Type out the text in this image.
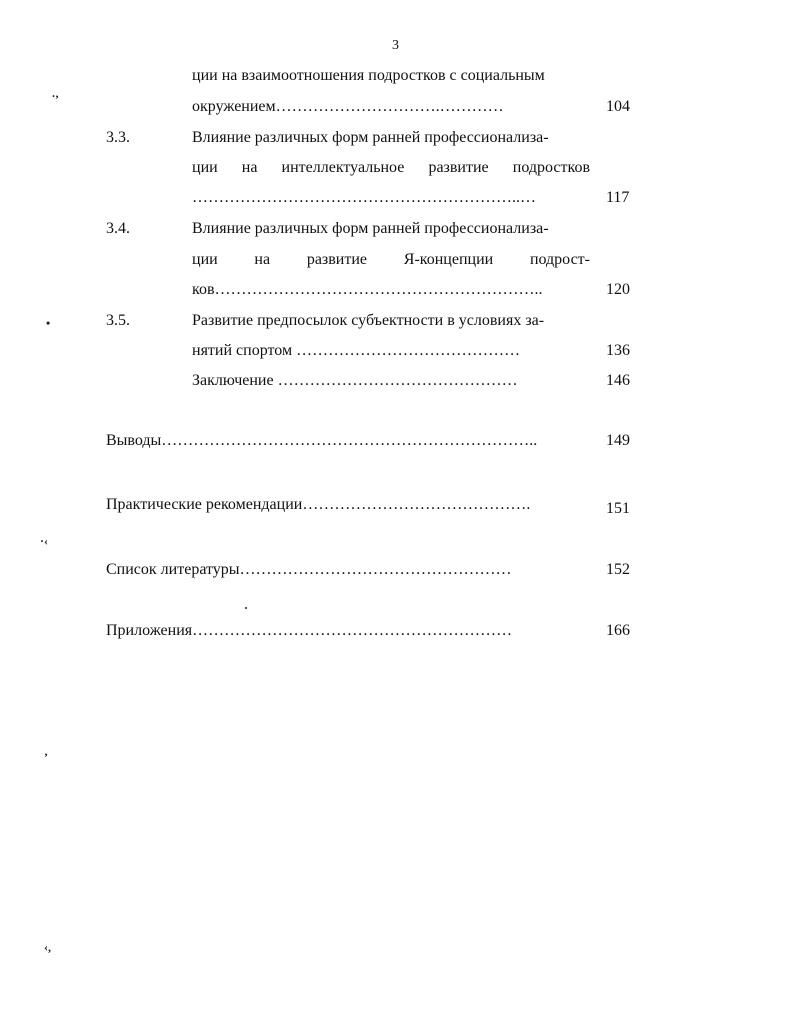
3
ции на взаимоотношения подростков с социальным
окружением………………………….…………	104
3.3.	Влияние различных форм ранней профессионализа-
ции на интеллектуальное развитие подростков
……………………………………………………..…	117
3.4.	Влияние различных форм ранней профессионализа-
ции на развитие Я-концепции подрост-
ков……………………………………………………..	120
3.5.	Развитие предпосылок субъектности в условиях за-
нятий спортом ……………………………………	136
Заключение ………………………………………	146
Выводы……………………………………………………………..	149
Практические рекомендации…………………………………….	151
Список литературы……………………………………………	152
Приложения……………………………………………………	166
.‚
•
·‹
‚
‹,
